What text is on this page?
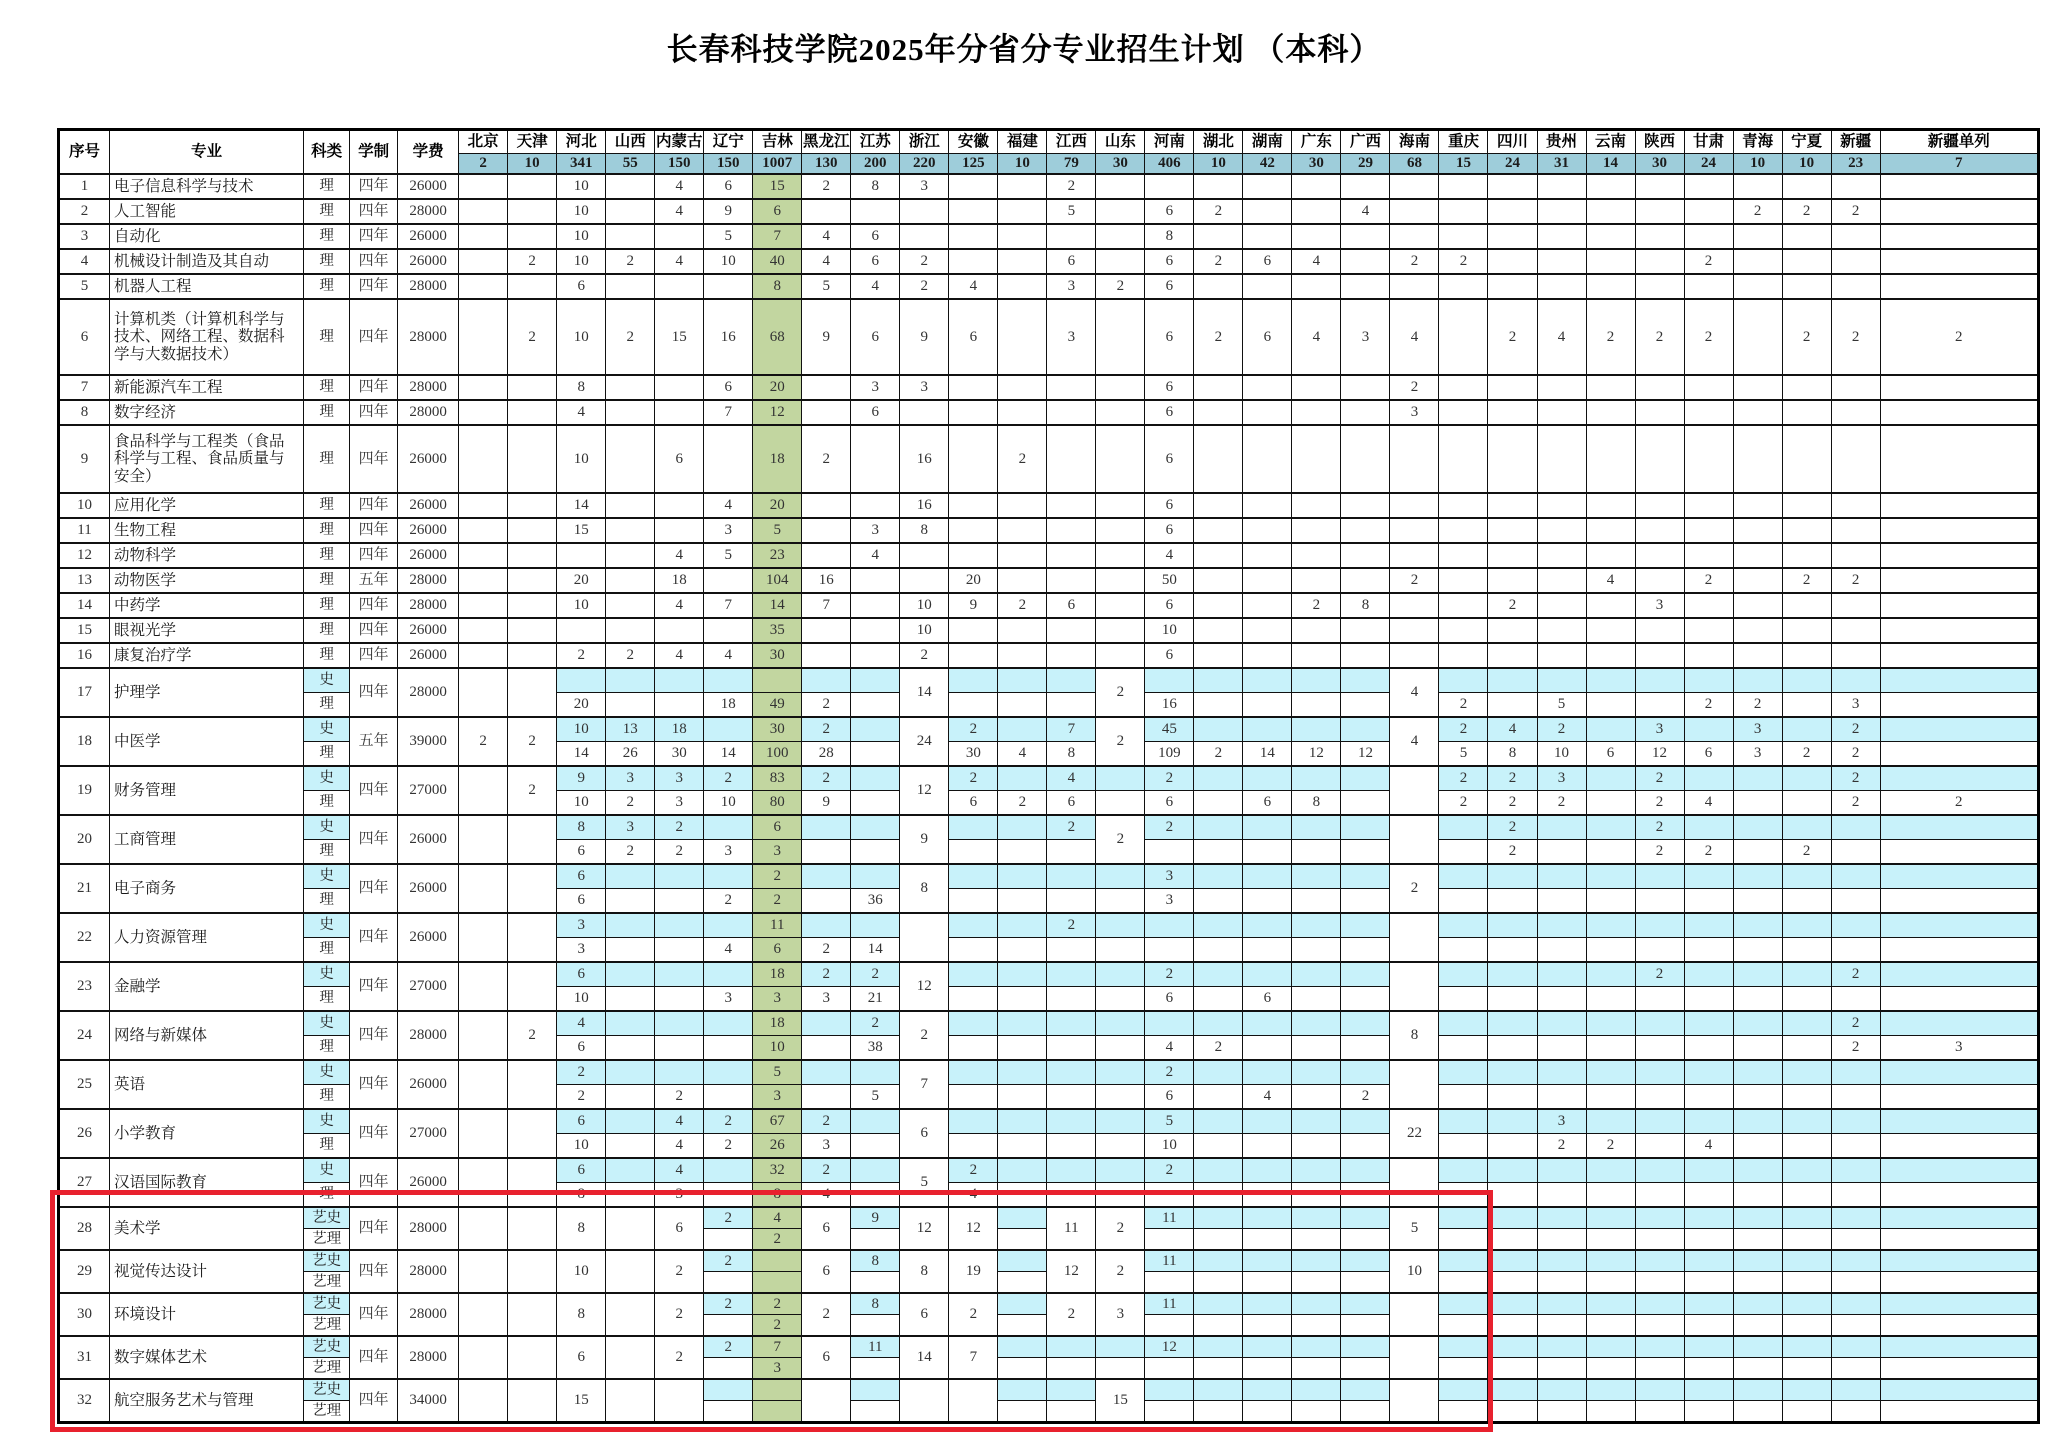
长春科技学院2025年分省分专业招生计划 （本科）
序号	专业	科类	学制	学费	北京	天津	河北	山西	内蒙古	辽宁	吉林	黑龙江	江苏	浙江	安徽	福建	江西	山东	河南	湖北	湖南	广东	广西	海南	重庆	四川	贵州	云南	陕西	甘肃	青海	宁夏	新疆	新疆单列
					2	10	341	55	150	150	1007	130	200	220	125	10	79	30	406	10	42	30	29	68	15	24	31	14	30	24	10	10	23	7
1	电子信息科学与技术	理	四年	26000			10		4	6	15	2	8	3			2																	
2	人工智能	理	四年	28000			10		4	9	6						5		6	2			4								2	2	2	
3	自动化	理	四年	26000			10			5	7	4	6						8															
4	机械设计制造及其自动	理	四年	26000		2	10	2	4	10	40	4	6	2			6		6	2	6	4		2	2					2				
5	机器人工程	理	四年	28000			6				8	5	4	2	4		3	2	6															
6	计算机类（计算机科学与技术、网络工程、数据科学与大数据技术）	理	四年	28000		2	10	2	15	16	68	9	6	9	6		3		6	2	6	4	3	4		2	4	2	2	2		2	2	2
7	新能源汽车工程	理	四年	28000			8			6	20		3	3					6					2										
8	数字经济	理	四年	28000			4			7	12		6						6					3										
9	食品科学与工程类（食品科学与工程、食品质量与安全）	理	四年	26000			10		6		18	2		16		2			6															
10	应用化学	理	四年	26000			14			4	20			16					6															
11	生物工程	理	四年	26000			15			3	5		3	8					6															
12	动物科学	理	四年	26000					4	5	23		4						4															
13	动物医学	理	五年	28000			20		18		104	16			20				50					2				4		2		2	2	
14	中药学	理	四年	28000			10		4	7	14	7		10	9	2	6		6			2	8			2			3					
15	眼视光学	理	四年	26000							35			10					10															
16	康复治疗学	理	四年	26000			2	2	4	4	30			2					6															
17	护理学	史	四年	28000										14				2						4										
		理					20			18	49	2							16						2		5			2	2		3	
18	中医学	史	五年	39000	2	2	10	13	18		30	2		24	2		7	2	45					4	2	4	2		3		3		2	
		理					14	26	30	14	100	28			30	4	8		109	2	14	12	12		5	8	10	6	12	6	3	2	2	
19	财务管理	史	四年	27000		2	9	3	3	2	83	2		12	2		4		2						2	2	3		2				2	
		理					10	2	3	10	80	9			6	2	6		6		6	8			2	2	2		2	4			2	2
20	工商管理	史	四年	26000			8	3	2		6			9			2	2	2							2			2					
		理					6	2	2	3	3															2			2	2		2		
21	电子商务	史	四年	26000			6				2			8					3					2										
		理					6			2	2		36						3															
22	人力资源管理	史	四年	26000			3				11						2																	
		理					3			4	6	2	14																					
23	金融学	史	四年	27000			6				18	2	2	12					2										2				2	
		理					10			3	3	3	21						6		6													
24	网络与新媒体	史	四年	28000		2	4				18		2	2										8									2	
		理					6				10		38						4	2													2	3
25	英语	史	四年	26000			2				5			7					2															
		理					2		2		3		5						6		4		2											
26	小学教育	史	四年	27000			6		4	2	67	2		6					5					22			3							
		理					10		4	2	26	3							10								2	2		4				
27	汉语国际教育	史	四年	26000			6		4		32	2		5	2				2															
		理					8		3		8	4			4																			
28	美术学	艺史	四年	28000			8		6	2	4	6	9	12	12		11	2	11					5										
		艺理									2																							
29	视觉传达设计	艺史	四年	28000			10		2	2		6	8	8	19		12	2	11					10										
		艺理																																
30	环境设计	艺史	四年	28000			8		2	2	2	2	8	6	2		2	3	11															
		艺理									2																							
31	数字媒体艺术	艺史	四年	28000			6		2	2	7	6	11	14	7				12															
		艺理									3																							
32	航空服务艺术与管理	艺史	四年	34000			15											15																
		艺理																																
